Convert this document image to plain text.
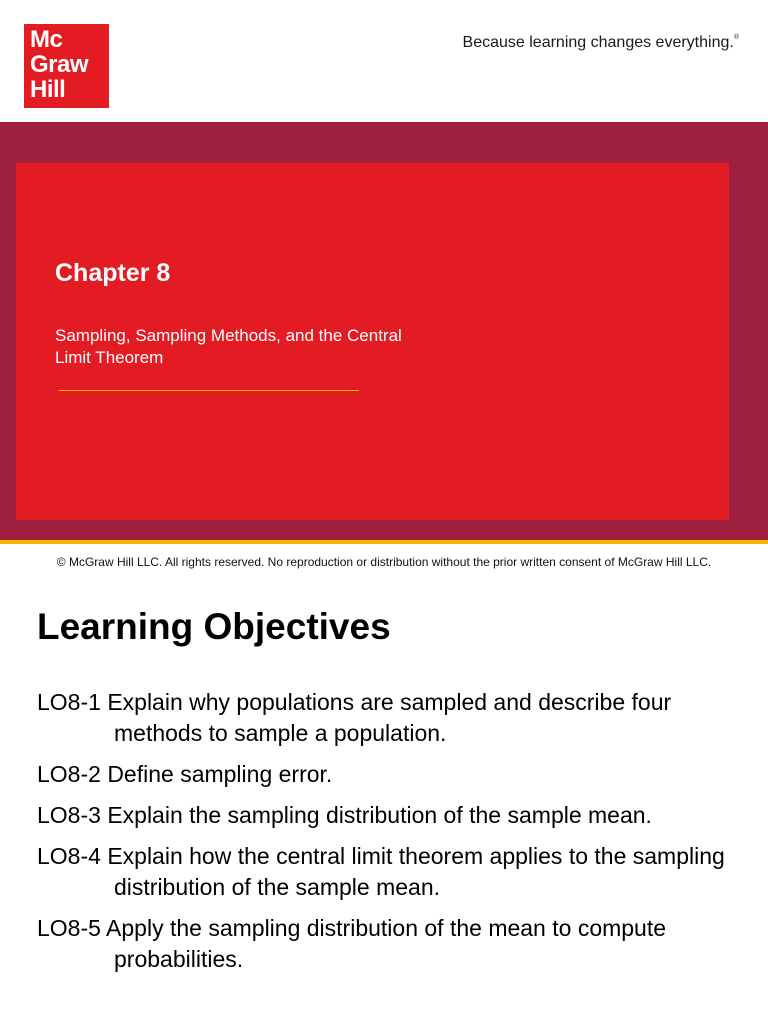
Mc
Graw
Hill
Because learning changes everything.®
Chapter 8
Sampling, Sampling Methods, and the Central Limit Theorem
© McGraw Hill LLC. All rights reserved. No reproduction or distribution without the prior written consent of McGraw Hill LLC.
Learning Objectives
LO8-1 Explain why populations are sampled and describe four methods to sample a population.
LO8-2 Define sampling error.
LO8-3 Explain the sampling distribution of the sample mean.
LO8-4 Explain how the central limit theorem applies to the sampling distribution of the sample mean.
LO8-5 Apply the sampling distribution of the mean to compute probabilities.
